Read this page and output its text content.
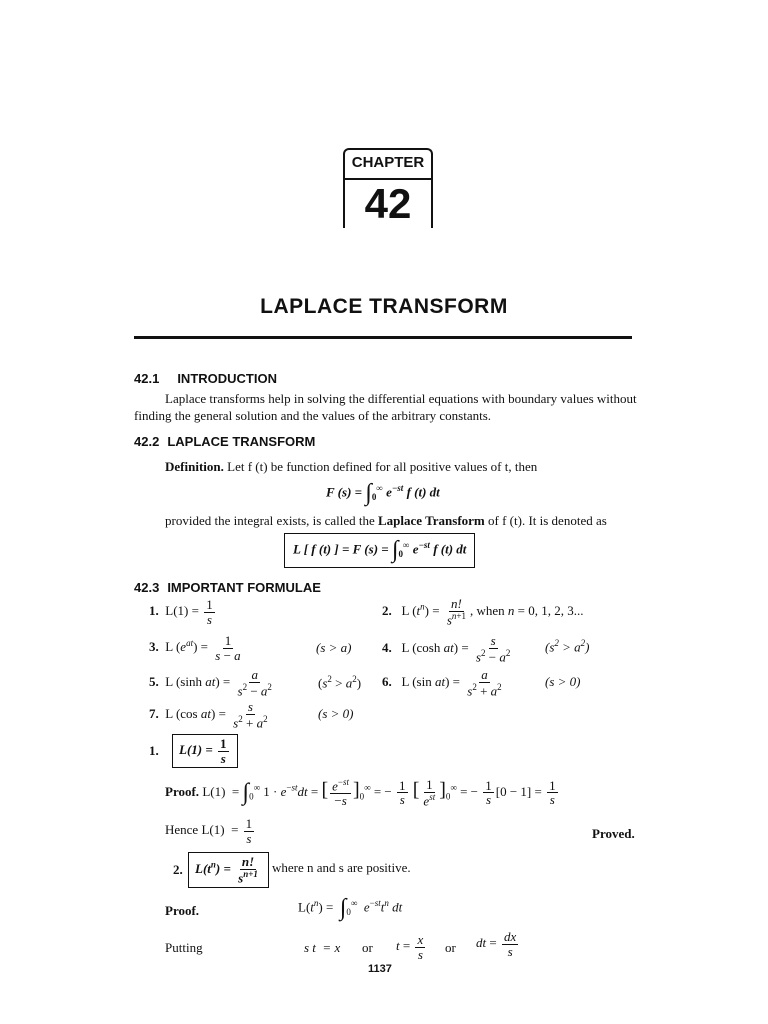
CHAPTER
42
LAPLACE TRANSFORM
42.1 INTRODUCTION
Laplace transforms help in solving the differential equations with boundary values without
finding the general solution and the values of the arbitrary constants.
42.2 LAPLACE TRANSFORM
Definition. Let f (t) be function defined for all positive values of t, then
F $(s) = \int_0^\infty$ $e^{-st}$ f (t) dt
provided the integral exists, is called the Laplace Transform of f (t). It is denoted as
L [ f (t) ] = F $(s) = \int_0^\infty$ $e^{-st}$ f (t) dt
42.3 IMPORTANT FORMULAE
1.  $L(1) = \frac{1}{s}$	2.   L $(t^n) = \frac{n!}{s^{n+1}}$ , when n = 0, 1, 2, 3...
3.  L $(e^{at}) = \frac{1}{s - a}$	(s > a) 4.   L (cosh $at) = \frac{s}{s^2 - a^2}$	$(s^2 > a^2)$
5.  L (sinh $at) = \frac{a}{s^2 - a^2}$	$(s^2 > a^2)$ 6.   L (sin $at) = \frac{a}{s^2 + a^2}$	(s > 0)
7.  L (cos $at) = \frac{s}{s^2 + a^2}$	(s > 0)
1.	$L(1) = \frac{1}{s}$
Proof. $L(1) = \int_0^\infty$ $1 \cdot e^{-st}dt$ = [ $\frac{e^{-st}}{-s} ]_0^\infty$ = − $\frac{1}{s}$ [ $\frac{1}{e^{st}} ]_0^\infty$ = − $\frac{1}{s} [0 - 1] = \frac{1}{s}$
Hence $L(1) = \frac{1}{s}$	Proved.
2. $L(t^n) = \frac{n!}{s^{n+1}}$ where n and s are positive.
Proof.	$L(t^n) = \int_0^\infty$ $e^{-st}t^n$ dt
Putting	s t  = x or $t = \frac{x}{s}$ or dt = $\frac{dx}{s}$
1137
